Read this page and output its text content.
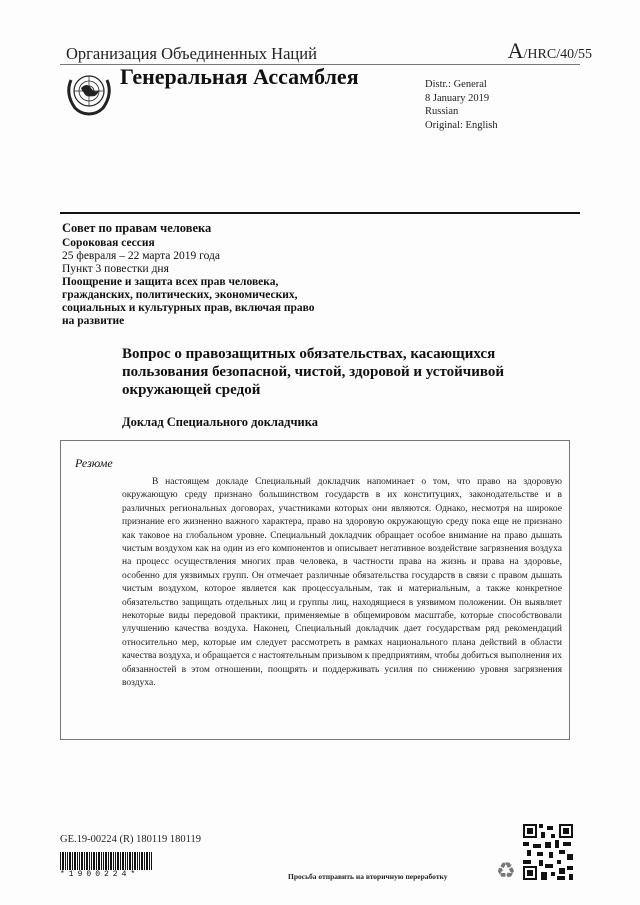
Организация Объединенных Наций	A/HRC/40/55
Генеральная Ассамблея	Distr.: General
8 January 2019
Russian
Original: English
Совет по правам человека
Сороковая сессия
25 февраля – 22 марта 2019 года
Пункт 3 повестки дня
Поощрение и защита всех прав человека, гражданских, политических, экономических, социальных и культурных прав, включая право на развитие
Вопрос о правозащитных обязательствах, касающихся пользования безопасной, чистой, здоровой и устойчивой окружающей средой
Доклад Специального докладчика
Резюме

В настоящем докладе Специальный докладчик напоминает о том, что право на здоровую окружающую среду признано большинством государств в их конституциях, законодательстве и в различных региональных договорах, участниками которых они являются. Однако, несмотря на широкое признание его жизненно важного характера, право на здоровую окружающую среду пока еще не признано как таковое на глобальном уровне. Специальный докладчик обращает особое внимание на право дышать чистым воздухом как на один из его компонентов и описывает негативное воздействие загрязнения воздуха на процесс осуществления многих прав человека, в частности права на жизнь и права на здоровье, особенно для уязвимых групп. Он отмечает различные обязательства государств в связи с правом дышать чистым воздухом, которое является как процессуальным, так и материальным, а также конкретное обязательство защищать отдельных лиц и группы лиц, находящиеся в уязвимом положении. Он выявляет некоторые виды передовой практики, применяемые в общемировом масштабе, которые способствовали улучшению качества воздуха. Наконец, Специальный докладчик дает государствам ряд рекомендаций относительно мер, которые им следует рассмотреть в рамках национального плана действий в области качества воздуха, и обращается с настоятельным призывом к предприятиям, чтобы добиться выполнения их обязанностей в этом отношении, поощрять и поддерживать усилия по снижению уровня загрязнения воздуха.

GE.19-00224 (R) 180119 180119
*1900224*	Просьба отправить на вторичную переработку ♻
